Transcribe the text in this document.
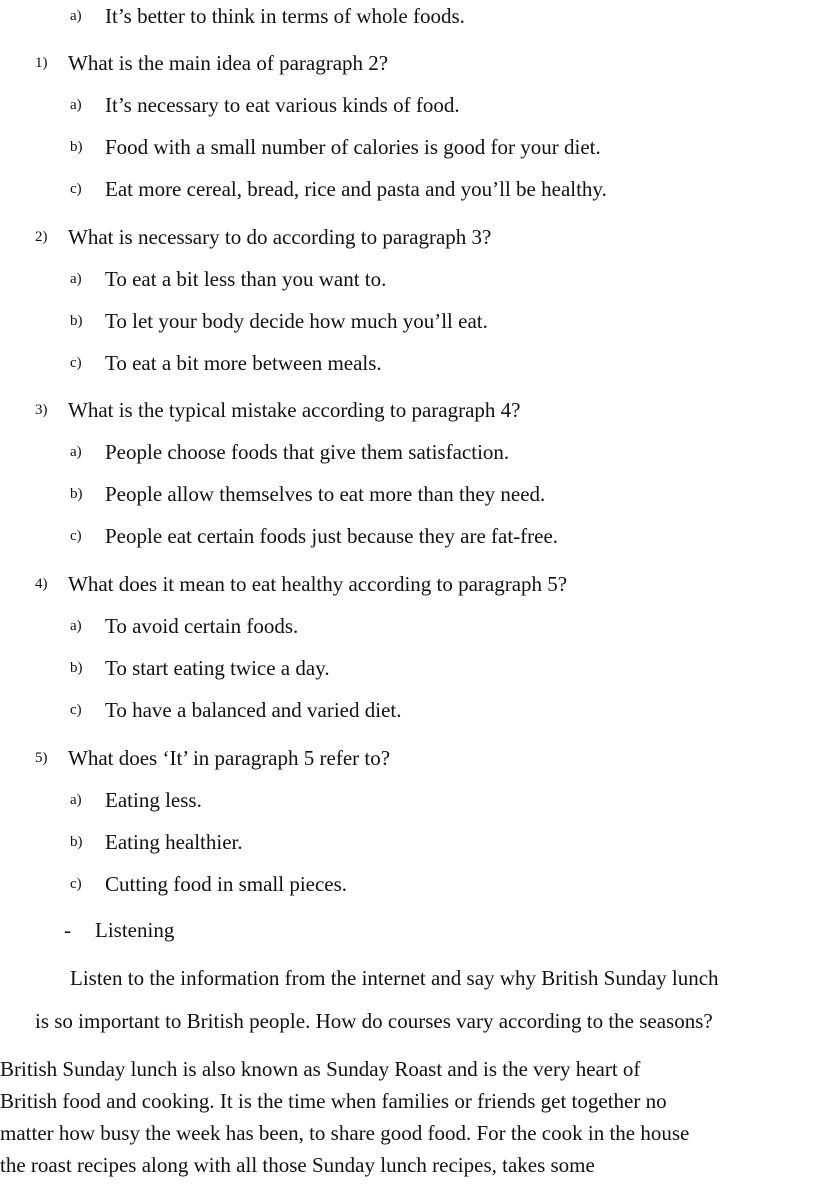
a) It’s better to think in terms of whole foods.
1) What is the main idea of paragraph 2?
a) It’s necessary to eat various kinds of food.
b) Food with a small number of calories is good for your diet.
c) Eat more cereal, bread, rice and pasta and you’ll be healthy.
2) What is necessary to do according to paragraph 3?
a) To eat a bit less than you want to.
b) To let your body decide how much you’ll eat.
c) To eat a bit more between meals.
3) What is the typical mistake according to paragraph 4?
a) People choose foods that give them satisfaction.
b) People allow themselves to eat more than they need.
c) People eat certain foods just because they are fat-free.
4) What does it mean to eat healthy according to paragraph 5?
a) To avoid certain foods.
b) To start eating twice a day.
c) To have a balanced and varied diet.
5) What does ‘It’ in paragraph 5 refer to?
a) Eating less.
b) Eating healthier.
c) Cutting food in small pieces.
- Listening
Listen to the information from the internet and say why British Sunday lunch
is so important to British people. How do courses vary according to the seasons?
British Sunday lunch is also known as Sunday Roast and is the very heart of
British food and cooking. It is the time when families or friends get together no
matter how busy the week has been, to share good food. For the cook in the house
the roast recipes along with all those Sunday lunch recipes, takes some
